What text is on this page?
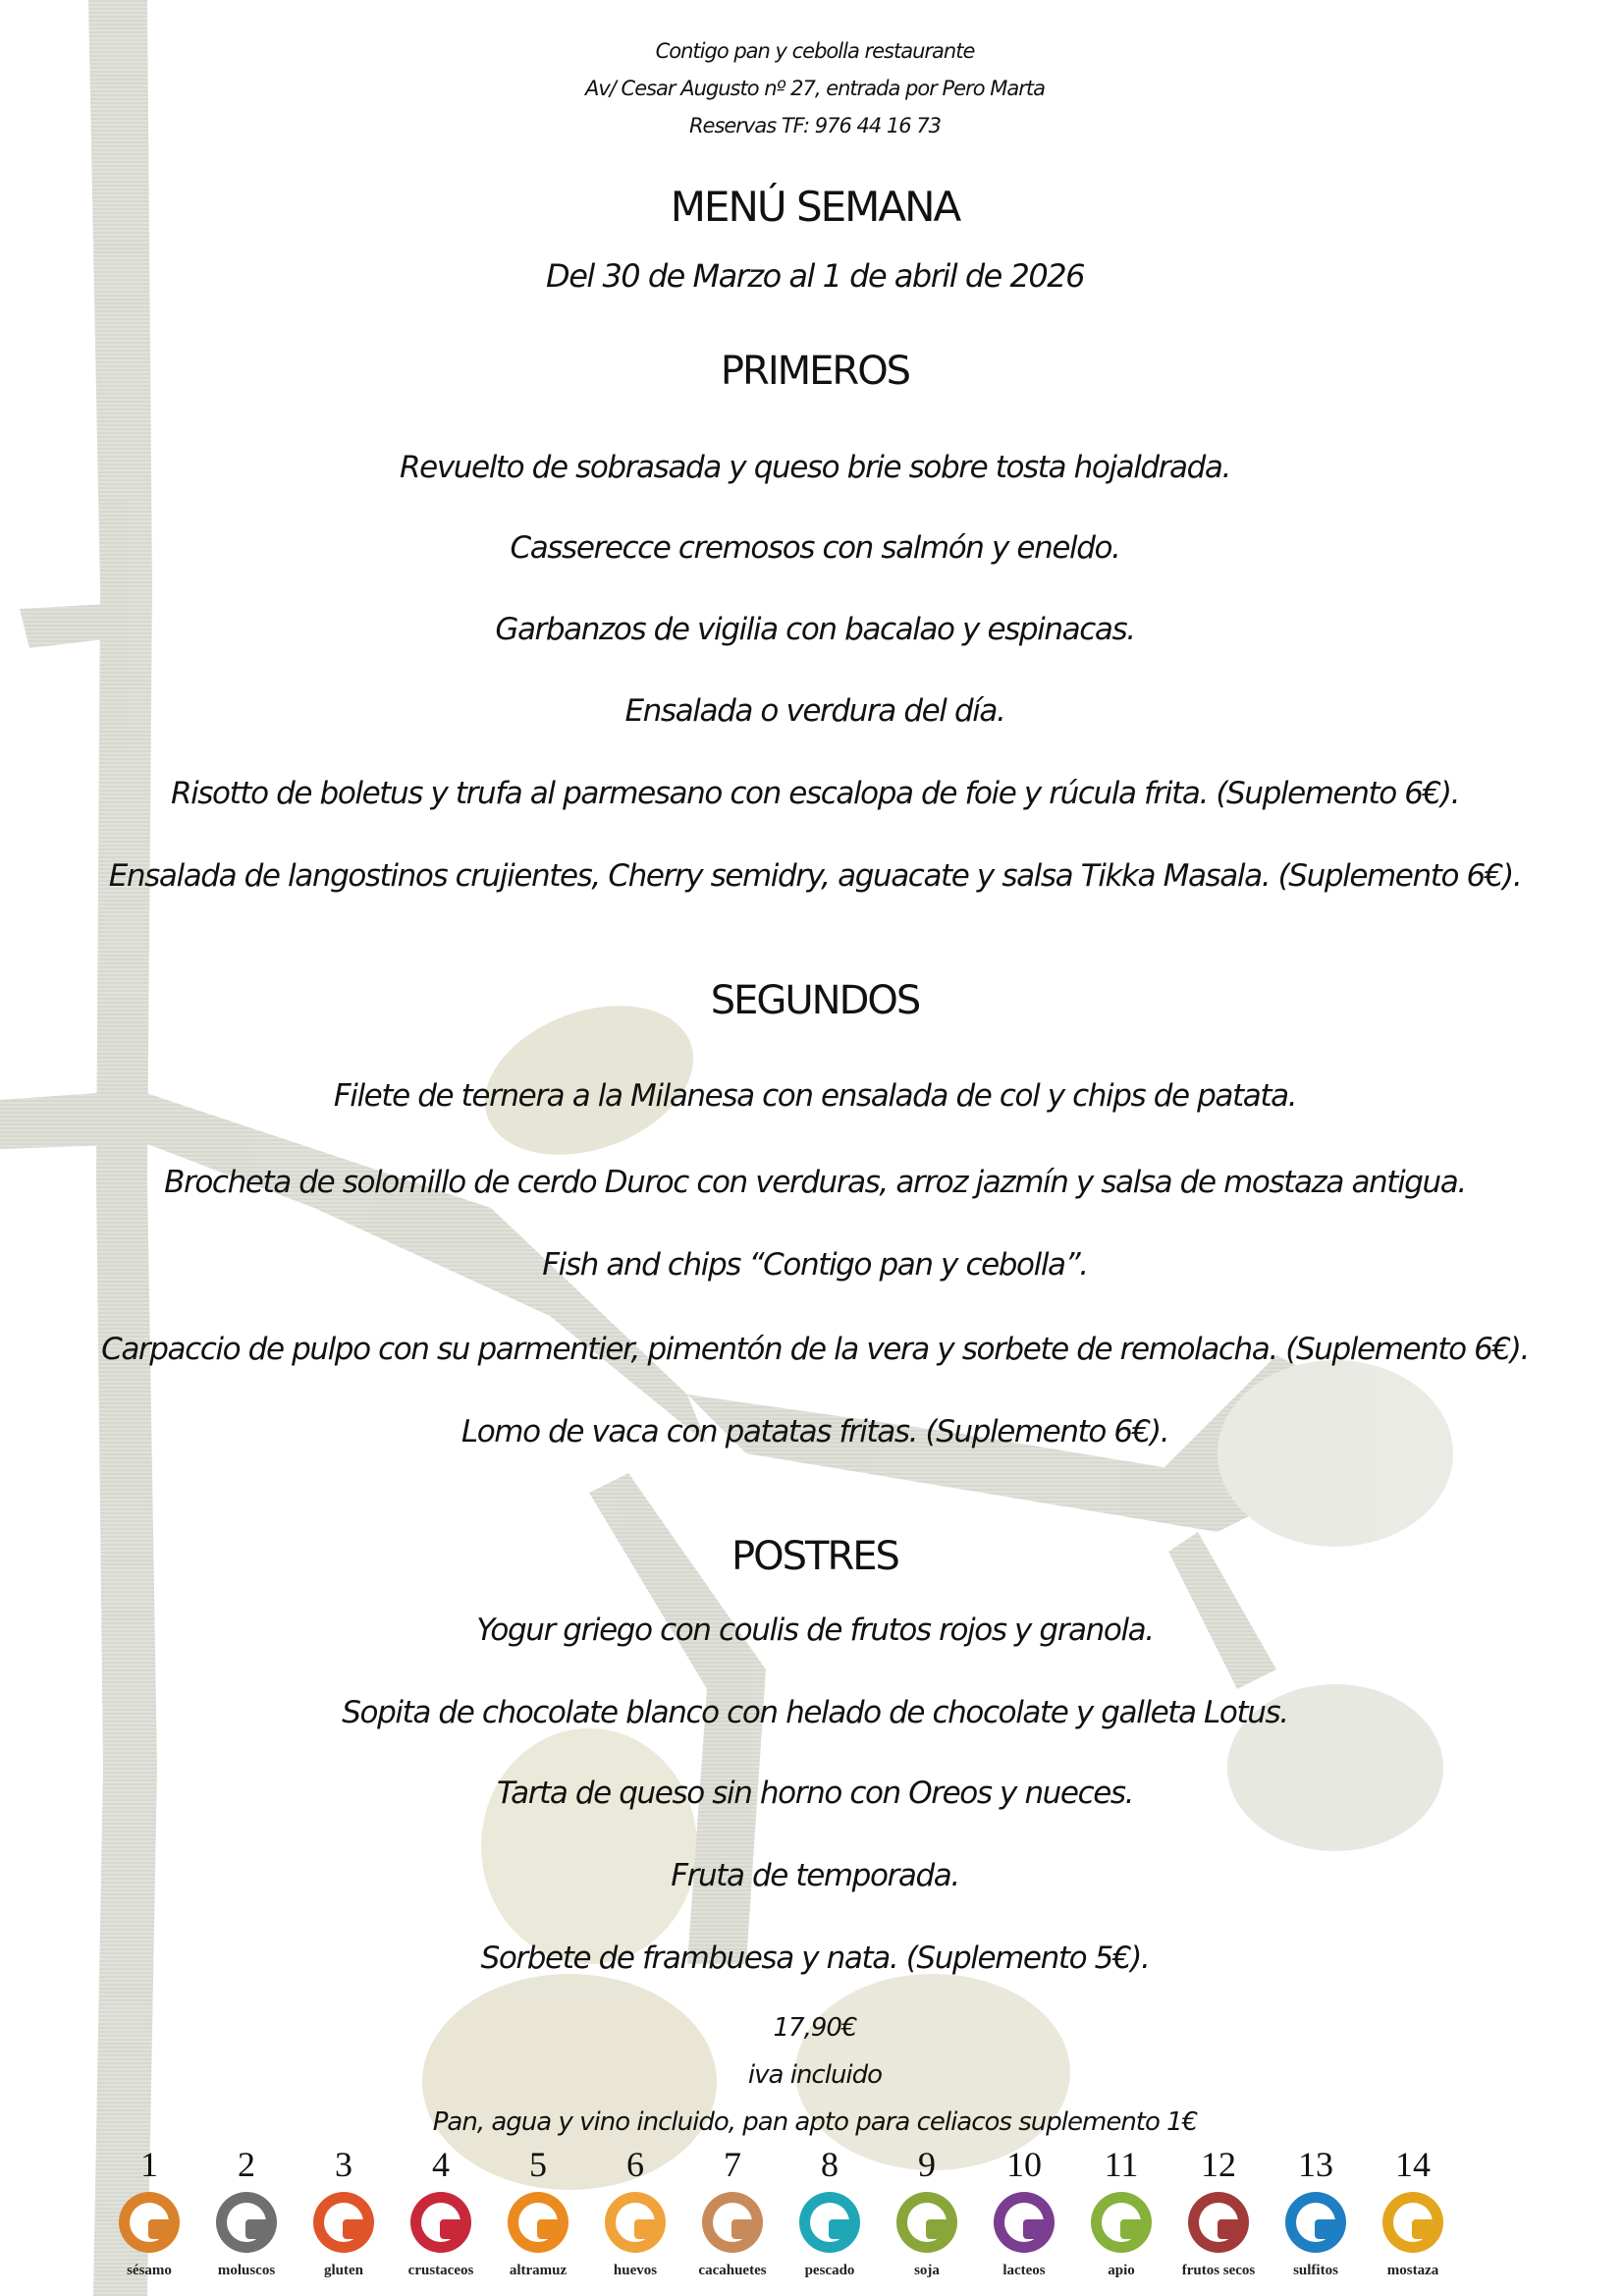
Contigo pan y cebolla restaurante
Av/ Cesar Augusto nº 27, entrada por Pero Marta
Reservas TF: 976 44 16 73
MENÚ SEMANA
Del 30 de Marzo al 1 de abril de 2026
PRIMEROS
Revuelto de sobrasada y queso brie sobre tosta hojaldrada.
Casserecce cremosos con salmón y eneldo.
Garbanzos de vigilia con bacalao y espinacas.
Ensalada o verdura del día.
Risotto de boletus y trufa al parmesano con escalopa de foie y rúcula frita. (Suplemento 6€).
Ensalada de langostinos crujientes, Cherry semidry, aguacate y salsa Tikka Masala. (Suplemento 6€).
SEGUNDOS
Filete de ternera a la Milanesa con ensalada de col y chips de patata.
Brocheta de solomillo de cerdo Duroc con verduras, arroz jazmín y salsa de mostaza antigua.
Fish and chips “Contigo pan y cebolla”.
Carpaccio de pulpo con su parmentier, pimentón de la vera y sorbete de remolacha. (Suplemento 6€).
Lomo de vaca con patatas fritas. (Suplemento 6€).
POSTRES
Yogur griego con coulis de frutos rojos y granola.
Sopita de chocolate blanco con helado de chocolate y galleta Lotus.
Tarta de queso sin horno con Oreos y nueces.
Fruta de temporada.
Sorbete de frambuesa y nata. (Suplemento 5€).
17,90€
iva incluido
Pan, agua y vino incluido, pan apto para celiacos suplemento 1€
1
sésamo
2
moluscos
3
gluten
4
crustaceos
5
altramuz
6
huevos
7
cacahuetes
8
pescado
9
soja
10
lacteos
11
apio
12
frutos secos
13
sulfitos
14
mostaza
